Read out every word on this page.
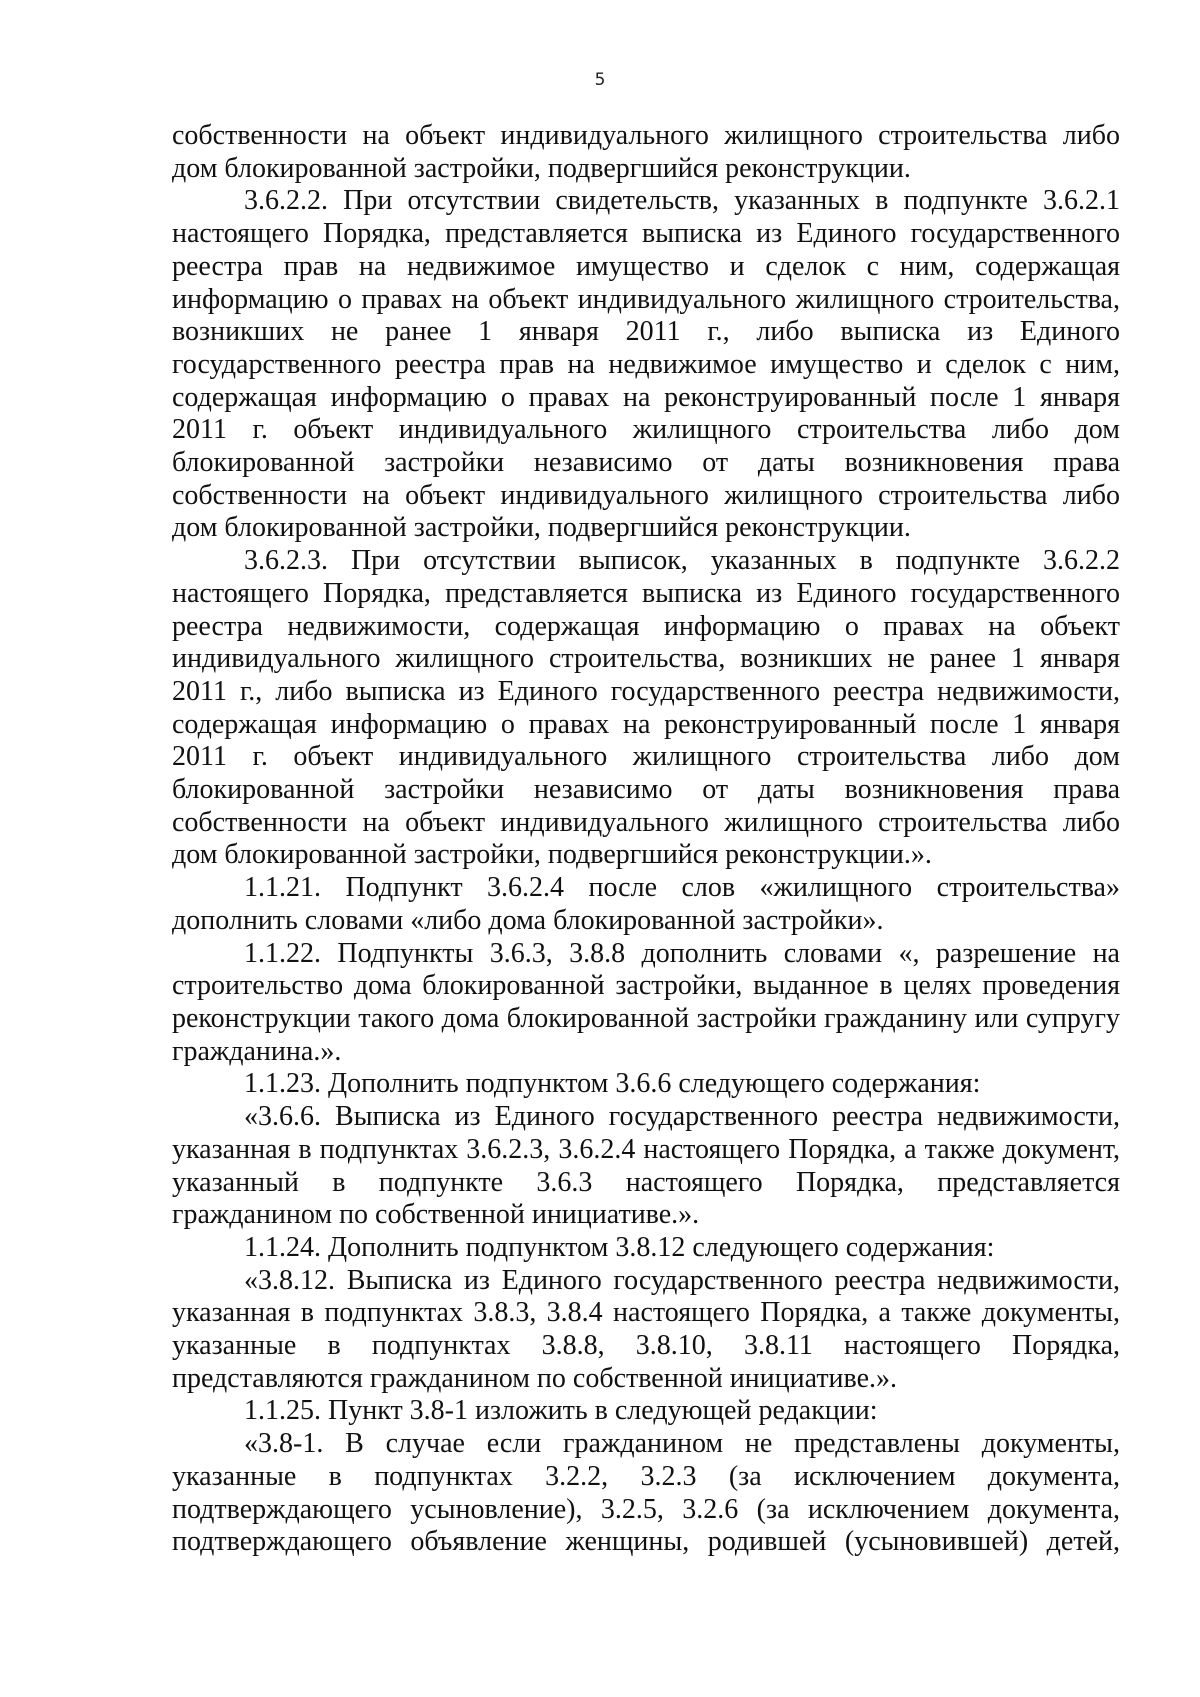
5

собственности на объект индивидуального жилищного строительства либо дом блокированной застройки, подвергшийся реконструкции.

3.6.2.2. При отсутствии свидетельств, указанных в подпункте 3.6.2.1 настоящего Порядка, представляется выписка из Единого государственного реестра прав на недвижимое имущество и сделок с ним, содержащая информацию о правах на объект индивидуального жилищного строительства, возникших не ранее 1 января 2011 г., либо выписка из Единого государственного реестра прав на недвижимое имущество и сделок с ним, содержащая информацию о правах на реконструированный после 1 января 2011 г. объект индивидуального жилищного строительства либо дом блокированной застройки независимо от даты возникновения права собственности на объект индивидуального жилищного строительства либо дом блокированной застройки, подвергшийся реконструкции.

3.6.2.3. При отсутствии выписок, указанных в подпункте 3.6.2.2 настоящего Порядка, представляется выписка из Единого государственного реестра недвижимости, содержащая информацию о правах на объект индивидуального жилищного строительства, возникших не ранее 1 января 2011 г., либо выписка из Единого государственного реестра недвижимости, содержащая информацию о правах на реконструированный после 1 января 2011 г. объект индивидуального жилищного строительства либо дом блокированной застройки независимо от даты возникновения права собственности на объект индивидуального жилищного строительства либо дом блокированной застройки, подвергшийся реконструкции.».

1.1.21. Подпункт 3.6.2.4 после слов «жилищного строительства» дополнить словами «либо дома блокированной застройки».

1.1.22. Подпункты 3.6.3, 3.8.8 дополнить словами «, разрешение на строительство дома блокированной застройки, выданное в целях проведения реконструкции такого дома блокированной застройки гражданину или супругу гражданина.».

1.1.23. Дополнить подпунктом 3.6.6 следующего содержания:

«3.6.6. Выписка из Единого государственного реестра недвижимости, указанная в подпунктах 3.6.2.3, 3.6.2.4 настоящего Порядка, а также документ, указанный в подпункте 3.6.3 настоящего Порядка, представляется гражданином по собственной инициативе.».

1.1.24. Дополнить подпунктом 3.8.12 следующего содержания:

«3.8.12. Выписка из Единого государственного реестра недвижимости, указанная в подпунктах 3.8.3, 3.8.4 настоящего Порядка, а также документы, указанные в подпунктах 3.8.8, 3.8.10, 3.8.11 настоящего Порядка, представляются гражданином по собственной инициативе.».

1.1.25. Пункт 3.8-1 изложить в следующей редакции:

«3.8-1. В случае если гражданином не представлены документы, указанные в подпунктах 3.2.2, 3.2.3 (за исключением документа, подтверждающего усыновление), 3.2.5, 3.2.6 (за исключением документа, подтверждающего объявление женщины, родившей (усыновившей) детей,
